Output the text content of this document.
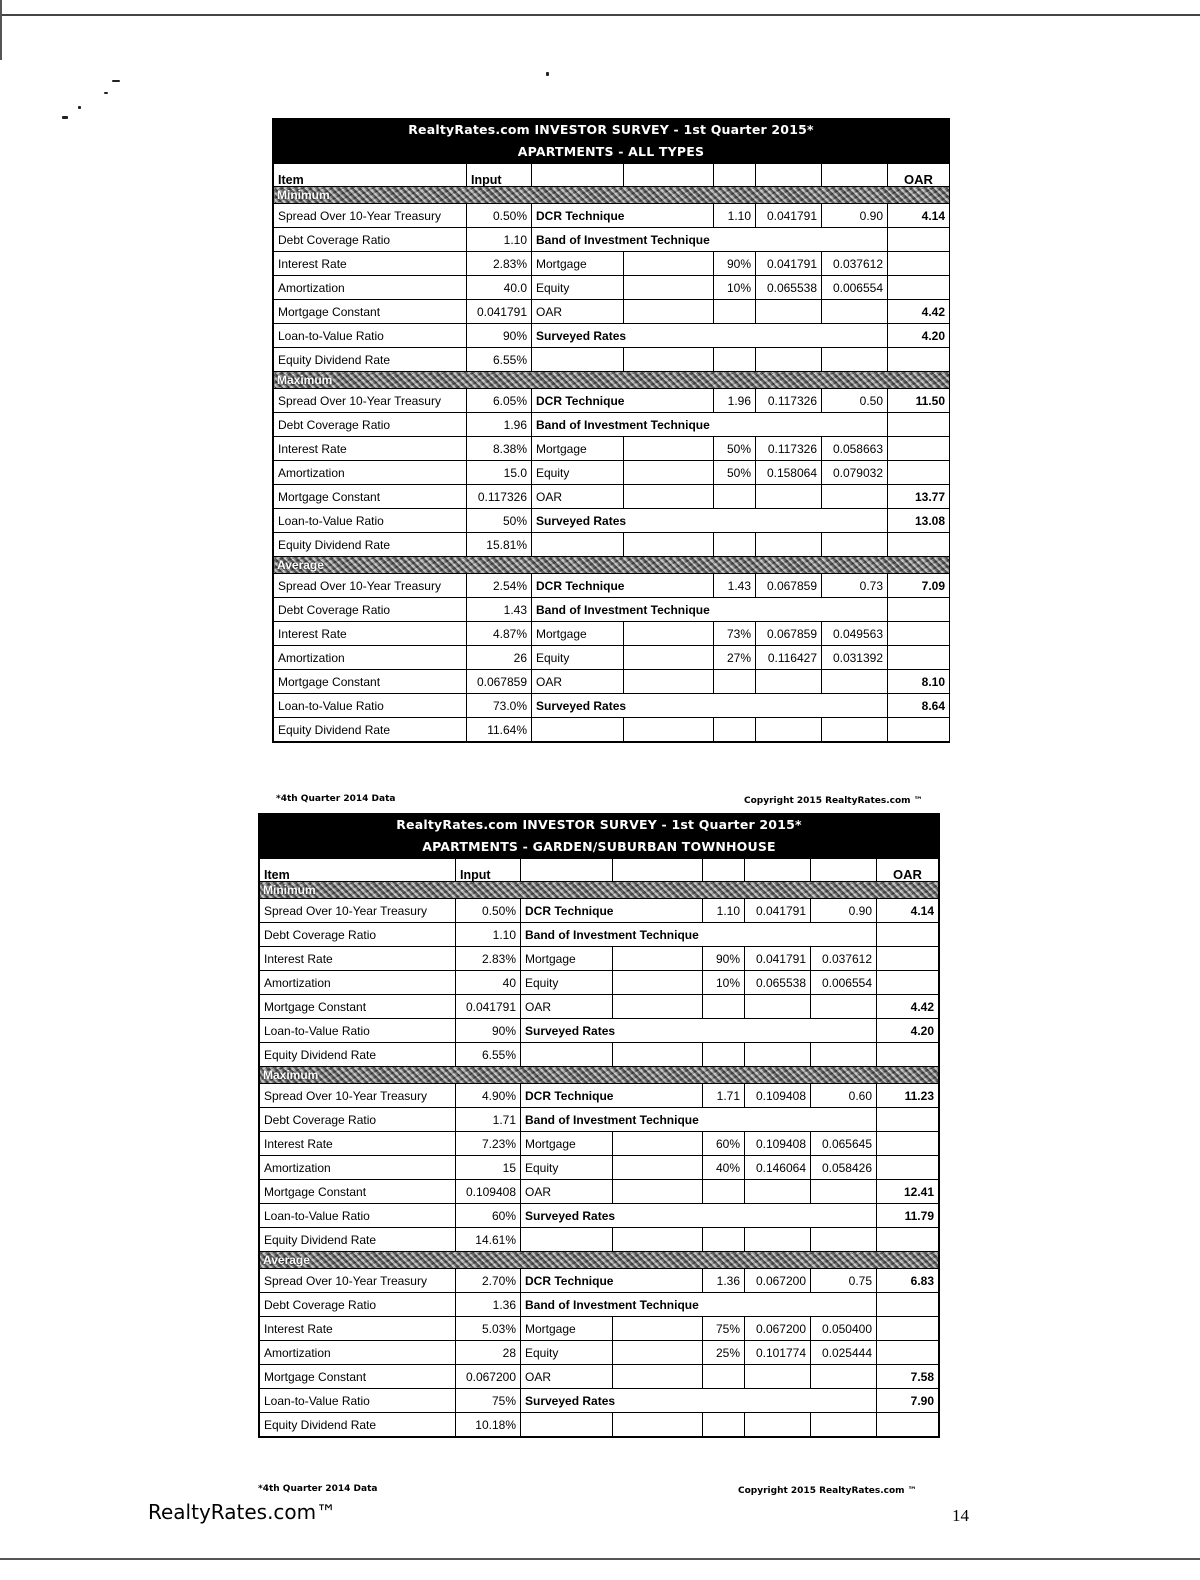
RealtyRates.com INVESTOR SURVEY - 1st Quarter 2015*
APARTMENTS - ALL TYPES
Item	Input						OAR
Minimum							
Spread Over 10-Year Treasury	0.50%	DCR Technique		1.10	0.041791	0.90	4.14
Debt Coverage Ratio	1.10	Band of Investment Technique					
Interest Rate	2.83%	Mortgage		90%	0.041791	0.037612	
Amortization	40.0	Equity		10%	0.065538	0.006554	
Mortgage Constant	0.041791	OAR					4.42
Loan-to-Value Ratio	90%	Surveyed Rates					4.20
Equity Dividend Rate	6.55%						
Maximum							
Spread Over 10-Year Treasury	6.05%	DCR Technique		1.96	0.117326	0.50	11.50
Debt Coverage Ratio	1.96	Band of Investment Technique					
Interest Rate	8.38%	Mortgage		50%	0.117326	0.058663	
Amortization	15.0	Equity		50%	0.158064	0.079032	
Mortgage Constant	0.117326	OAR					13.77
Loan-to-Value Ratio	50%	Surveyed Rates					13.08
Equity Dividend Rate	15.81%						
Average							
Spread Over 10-Year Treasury	2.54%	DCR Technique		1.43	0.067859	0.73	7.09
Debt Coverage Ratio	1.43	Band of Investment Technique					
Interest Rate	4.87%	Mortgage		73%	0.067859	0.049563	
Amortization	26	Equity		27%	0.116427	0.031392	
Mortgage Constant	0.067859	OAR					8.10
Loan-to-Value Ratio	73.0%	Surveyed Rates					8.64
Equity Dividend Rate	11.64%						
*4th Quarter 2014 Data	Copyright 2015 RealtyRates.com ™
RealtyRates.com INVESTOR SURVEY - 1st Quarter 2015*
APARTMENTS - GARDEN/SUBURBAN TOWNHOUSE
Item	Input						OAR
Minimum							
Spread Over 10-Year Treasury	0.50%	DCR Technique		1.10	0.041791	0.90	4.14
Debt Coverage Ratio	1.10	Band of Investment Technique					
Interest Rate	2.83%	Mortgage		90%	0.041791	0.037612	
Amortization	40	Equity		10%	0.065538	0.006554	
Mortgage Constant	0.041791	OAR					4.42
Loan-to-Value Ratio	90%	Surveyed Rates					4.20
Equity Dividend Rate	6.55%						
Maximum							
Spread Over 10-Year Treasury	4.90%	DCR Technique		1.71	0.109408	0.60	11.23
Debt Coverage Ratio	1.71	Band of Investment Technique					
Interest Rate	7.23%	Mortgage		60%	0.109408	0.065645	
Amortization	15	Equity		40%	0.146064	0.058426	
Mortgage Constant	0.109408	OAR					12.41
Loan-to-Value Ratio	60%	Surveyed Rates					11.79
Equity Dividend Rate	14.61%						
Average							
Spread Over 10-Year Treasury	2.70%	DCR Technique		1.36	0.067200	0.75	6.83
Debt Coverage Ratio	1.36	Band of Investment Technique					
Interest Rate	5.03%	Mortgage		75%	0.067200	0.050400	
Amortization	28	Equity		25%	0.101774	0.025444	
Mortgage Constant	0.067200	OAR					7.58
Loan-to-Value Ratio	75%	Surveyed Rates					7.90
Equity Dividend Rate	10.18%						
*4th Quarter 2014 Data	Copyright 2015 RealtyRates.com ™
RealtyRates.com™	14
